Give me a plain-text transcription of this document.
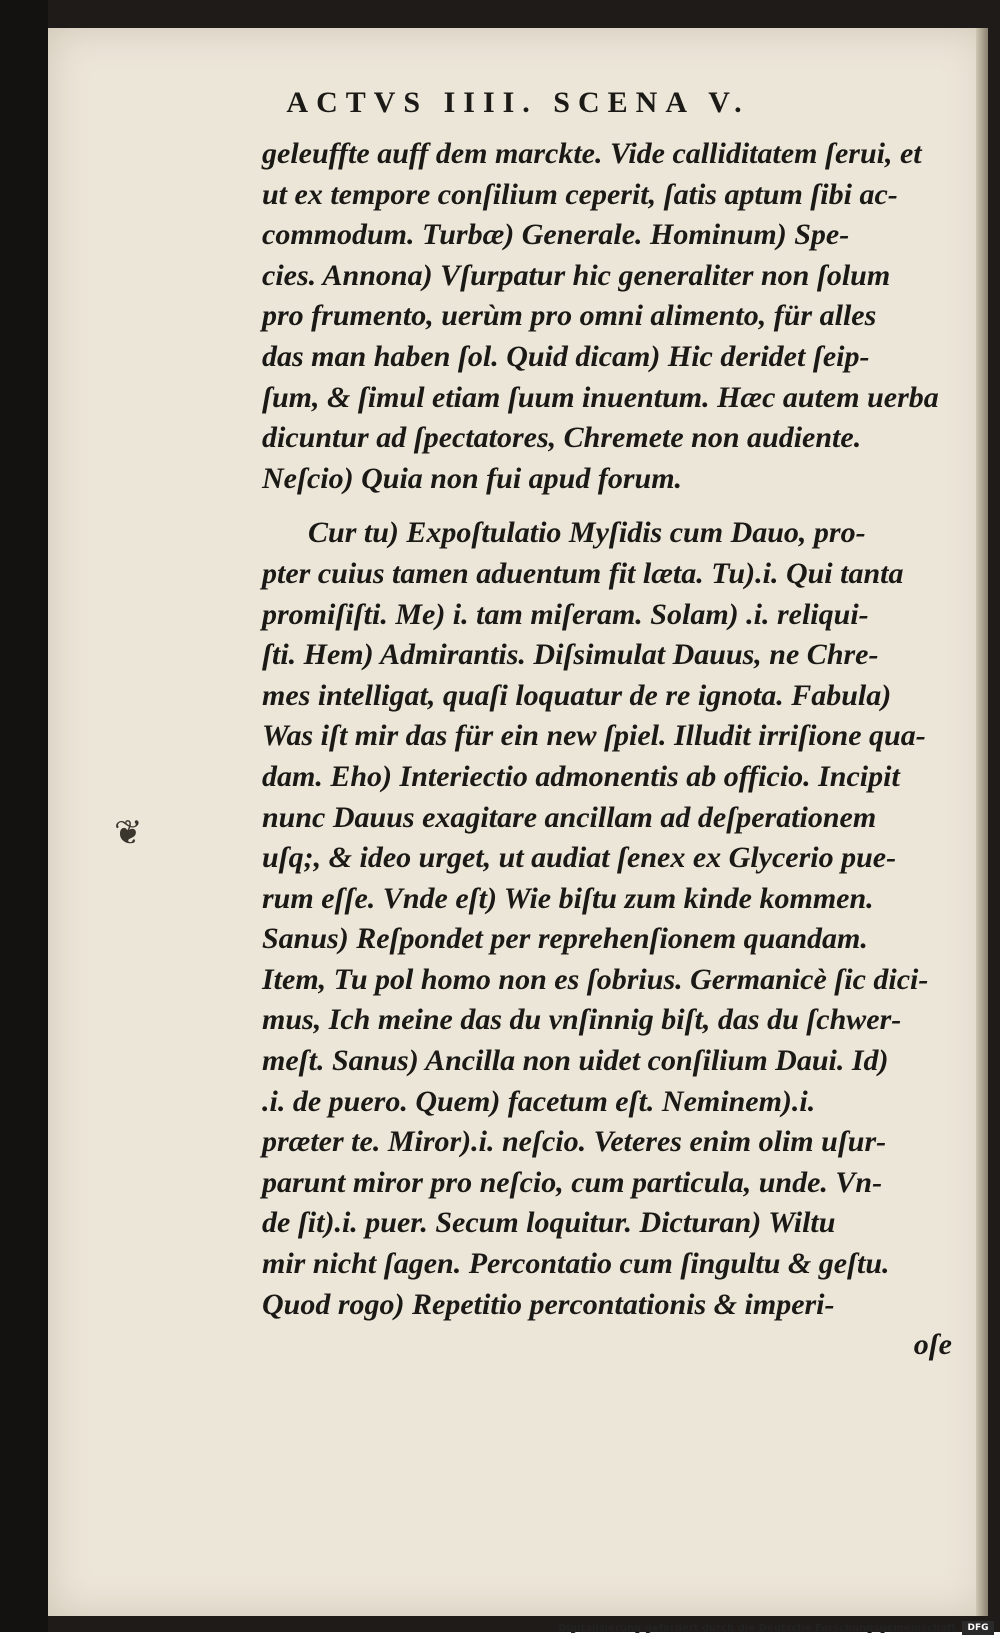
ACTVS IIII. SCENA V.
geleuffte auff dem marckte. Vide calliditatem ſerui, et
ut ex tempore conſilium ceperit, ſatis aptum ſibi ac-
commodum. Turbæ) Generale. Hominum) Spe-
cies. Annona) Vſurpatur hic generaliter non ſolum
pro frumento, uerùm pro omni alimento, für alles
das man haben ſol. Quid dicam) Hic deridet ſeip-
ſum, & ſimul etiam ſuum inuentum. Hæc autem uerba
dicuntur ad ſpectatores, Chremete non audiente.
Neſcio) Quia non fui apud forum.
Cur tu) Expoſtulatio Myſidis cum Dauo, pro-
pter cuius tamen aduentum fit læta. Tu).i. Qui tanta
promiſiſti. Me) i. tam miſeram. Solam) .i. reliqui-
ſti. Hem) Admirantis. Diſsimulat Dauus, ne Chre-
mes intelligat, quaſi loquatur de re ignota. Fabula)
Was iſt mir das für ein new ſpiel. Illudit irriſione qua-
dam. Eho) Interiectio admonentis ab officio. Incipit
nunc Dauus exagitare ancillam ad deſperationem
uſq;, & ideo urget, ut audiat ſenex ex Glycerio pue-
rum eſſe. Vnde eſt) Wie biſtu zum kinde kommen.
Sanus) Reſpondet per reprehenſionem quandam.
Item, Tu pol homo non es ſobrius. Germanicè ſic dici-
mus, Ich meine das du vnſinnig biſt, das du ſchwer-
meſt. Sanus) Ancilla non uidet conſilium Daui. Id)
.i. de puero. Quem) facetum eſt. Neminem).i.
præter te. Miror).i. neſcio. Veteres enim olim uſur-
parunt miror pro neſcio, cum particula, unde. Vn-
de ſit).i. puer. Secum loquitur. Dicturan) Wiltu
mir nicht ſagen. Percontatio cum ſingultu & geſtu.
Quod rogo) Repetitio percontationis & imperi-
oſe
❦
Digitalisierung gefördert durch die Deutsche Forschungsgemeinschaft	DFG
